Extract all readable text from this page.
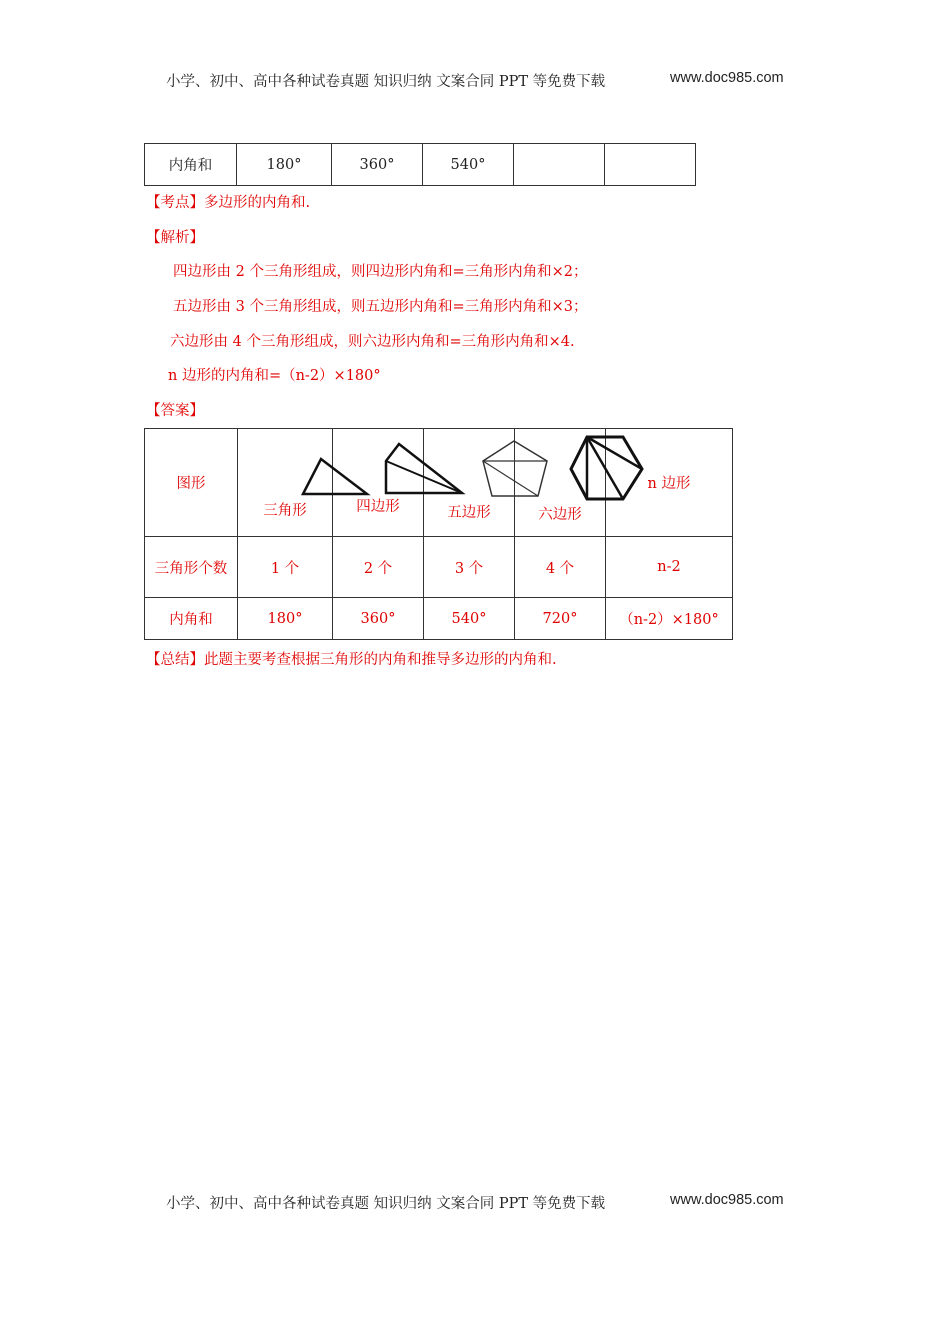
小学、初中、高中各种试卷真题 知识归纳 文案合同 PPT 等免费下载	www.doc985.com
内角和	180°	360°	540°		
【考点】多边形的内角和.
【解析】
四边形由 2 个三角形组成，则四边形内角和=三角形内角和×2；
五边形由 3 个三角形组成，则五边形内角和=三角形内角和×3；
六边形由 4 个三角形组成，则六边形内角和=三角形内角和×4.
n 边形的内角和=（n-2）×180°
【答案】
图形	三角形	四边形	五边形	六边形	n 边形
三角形个数	1 个	2 个	3 个	4 个	n-2
内角和	180°	360°	540°	720°	（n-2）×180°
【总结】此题主要考查根据三角形的内角和推导多边形的内角和.
小学、初中、高中各种试卷真题 知识归纳 文案合同 PPT 等免费下载	www.doc985.com
